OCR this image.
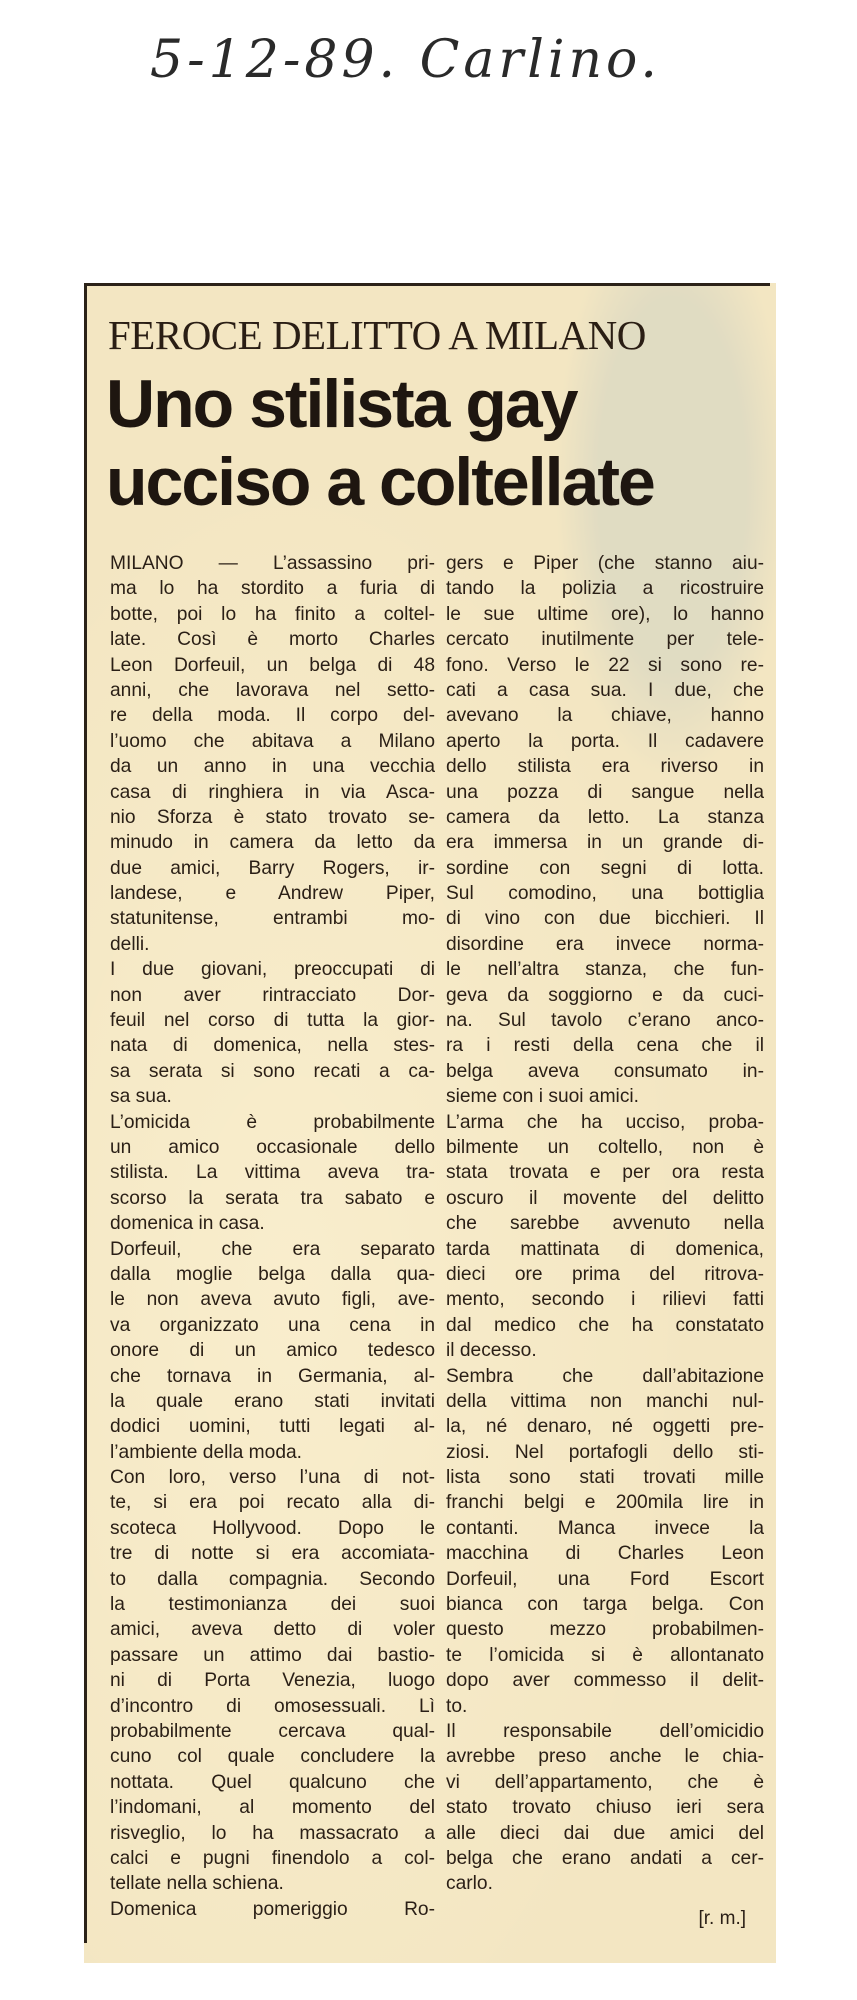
5-12-89. Carlino.
FEROCE DELITTO A MILANO
Uno stilista gay
ucciso a coltellate
MILANO — L’assassino pri-
ma lo ha stordito a furia di
botte, poi lo ha finito a coltel-
late. Così è morto Charles
Leon Dorfeuil, un belga di 48
anni, che lavorava nel setto-
re della moda. Il corpo del-
l’uomo che abitava a Milano
da un anno in una vecchia
casa di ringhiera in via Asca-
nio Sforza è stato trovato se-
minudo in camera da letto da
due amici, Barry Rogers, ir-
landese, e Andrew Piper,
statunitense, entrambi mo-
delli.
I due giovani, preoccupati di
non aver rintracciato Dor-
feuil nel corso di tutta la gior-
nata di domenica, nella stes-
sa serata si sono recati a ca-
sa sua.
L’omicida è probabilmente
un amico occasionale dello
stilista. La vittima aveva tra-
scorso la serata tra sabato e
domenica in casa.
Dorfeuil, che era separato
dalla moglie belga dalla qua-
le non aveva avuto figli, ave-
va organizzato una cena in
onore di un amico tedesco
che tornava in Germania, al-
la quale erano stati invitati
dodici uomini, tutti legati al-
l’ambiente della moda.
Con loro, verso l’una di not-
te, si era poi recato alla di-
scoteca Hollyvood. Dopo le
tre di notte si era accomiata-
to dalla compagnia. Secondo
la testimonianza dei suoi
amici, aveva detto di voler
passare un attimo dai bastio-
ni di Porta Venezia, luogo
d’incontro di omosessuali. Lì
probabilmente cercava qual-
cuno col quale concludere la
nottata. Quel qualcuno che
l’indomani, al momento del
risveglio, lo ha massacrato a
calci e pugni finendolo a col-
tellate nella schiena.
Domenica pomeriggio Ro-
gers e Piper (che stanno aiu-
tando la polizia a ricostruire
le sue ultime ore), lo hanno
cercato inutilmente per tele-
fono. Verso le 22 si sono re-
cati a casa sua. I due, che
avevano la chiave, hanno
aperto la porta. Il cadavere
dello stilista era riverso in
una pozza di sangue nella
camera da letto. La stanza
era immersa in un grande di-
sordine con segni di lotta.
Sul comodino, una bottiglia
di vino con due bicchieri. Il
disordine era invece norma-
le nell’altra stanza, che fun-
geva da soggiorno e da cuci-
na. Sul tavolo c’erano anco-
ra i resti della cena che il
belga aveva consumato in-
sieme con i suoi amici.
L’arma che ha ucciso, proba-
bilmente un coltello, non è
stata trovata e per ora resta
oscuro il movente del delitto
che sarebbe avvenuto nella
tarda mattinata di domenica,
dieci ore prima del ritrova-
mento, secondo i rilievi fatti
dal medico che ha constatato
il decesso.
Sembra che dall’abitazione
della vittima non manchi nul-
la, né denaro, né oggetti pre-
ziosi. Nel portafogli dello sti-
lista sono stati trovati mille
franchi belgi e 200mila lire in
contanti. Manca invece la
macchina di Charles Leon
Dorfeuil, una Ford Escort
bianca con targa belga. Con
questo mezzo probabilmen-
te l’omicida si è allontanato
dopo aver commesso il delit-
to.
Il responsabile dell’omicidio
avrebbe preso anche le chia-
vi dell’appartamento, che è
stato trovato chiuso ieri sera
alle dieci dai due amici del
belga che erano andati a cer-
carlo.
[r. m.]
